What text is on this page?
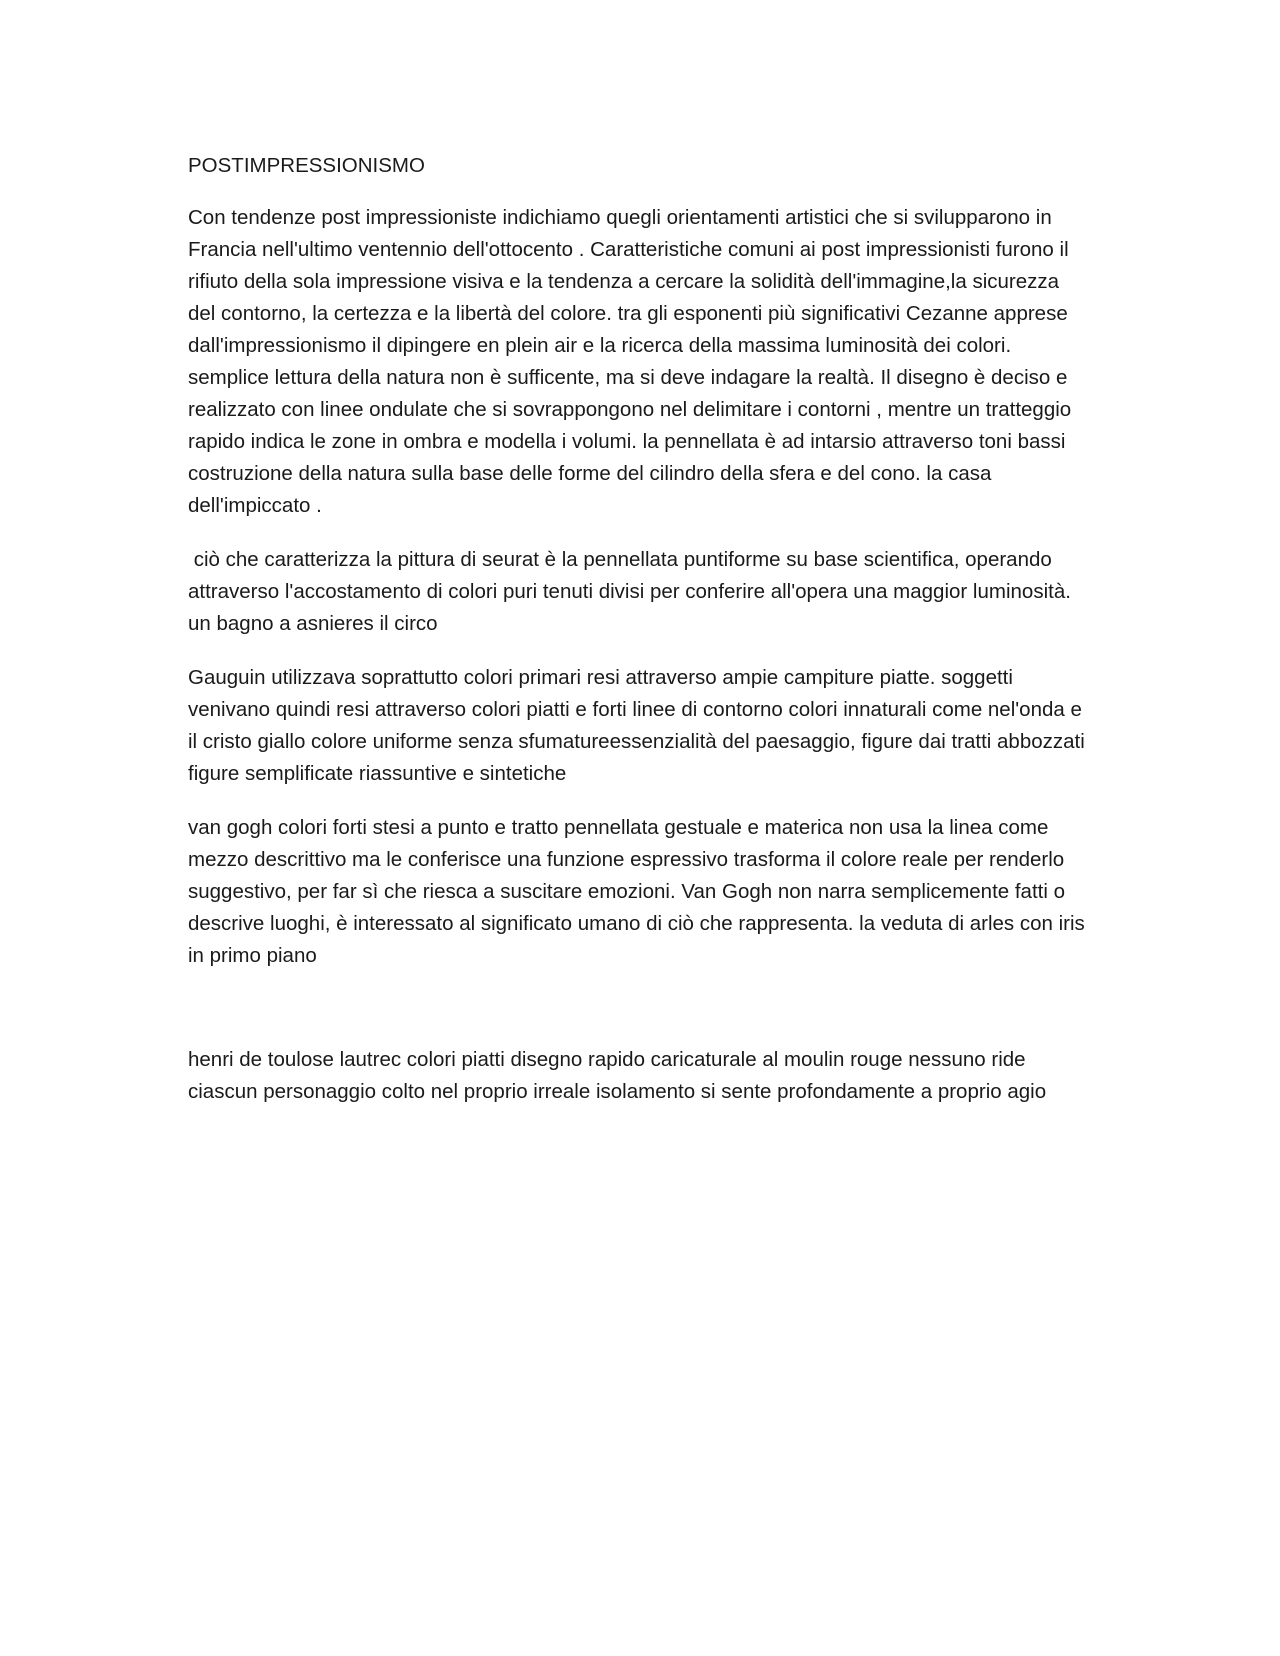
POSTIMPRESSIONISMO

Con tendenze post impressioniste indichiamo quegli orientamenti artistici che si svilupparono in Francia nell'ultimo ventennio dell'ottocento . Caratteristiche comuni ai post impressionisti furono il rifiuto della sola impressione visiva e la tendenza a cercare la solidità dell'immagine,la sicurezza del contorno, la certezza e la libertà del colore. tra gli esponenti più significativi Cezanne apprese dall'impressionismo il dipingere en plein air e la ricerca della massima luminosità dei colori. semplice lettura della natura non è sufficente, ma si deve indagare la realtà. Il disegno è deciso e realizzato con linee ondulate che si sovrappongono nel delimitare i contorni , mentre un tratteggio rapido indica le zone in ombra e modella i volumi. la pennellata è ad intarsio attraverso toni bassi costruzione della natura sulla base delle forme del cilindro della sfera e del cono. la casa dell'impiccato .

ciò che caratterizza la pittura di seurat è la pennellata puntiforme su base scientifica, operando attraverso l'accostamento di colori puri tenuti divisi per conferire all'opera una maggior luminosità. un bagno a asnieres il circo

Gauguin utilizzava soprattutto colori primari resi attraverso ampie campiture piatte. soggetti venivano quindi resi attraverso colori piatti e forti linee di contorno colori innaturali come nel'onda e il cristo giallo colore uniforme senza sfumatureessenzialità del paesaggio, figure dai tratti abbozzati figure semplificate riassuntive e sintetiche

van gogh colori forti stesi a punto e tratto pennellata gestuale e materica non usa la linea come mezzo descrittivo ma le conferisce una funzione espressivo trasforma il colore reale per renderlo suggestivo, per far sì che riesca a suscitare emozioni. Van Gogh non narra semplicemente fatti o descrive luoghi, è interessato al significato umano di ciò che rappresenta. la veduta di arles con iris in primo piano

henri de toulose lautrec colori piatti disegno rapido caricaturale al moulin rouge nessuno ride ciascun personaggio colto nel proprio irreale isolamento si sente profondamente a proprio agio
